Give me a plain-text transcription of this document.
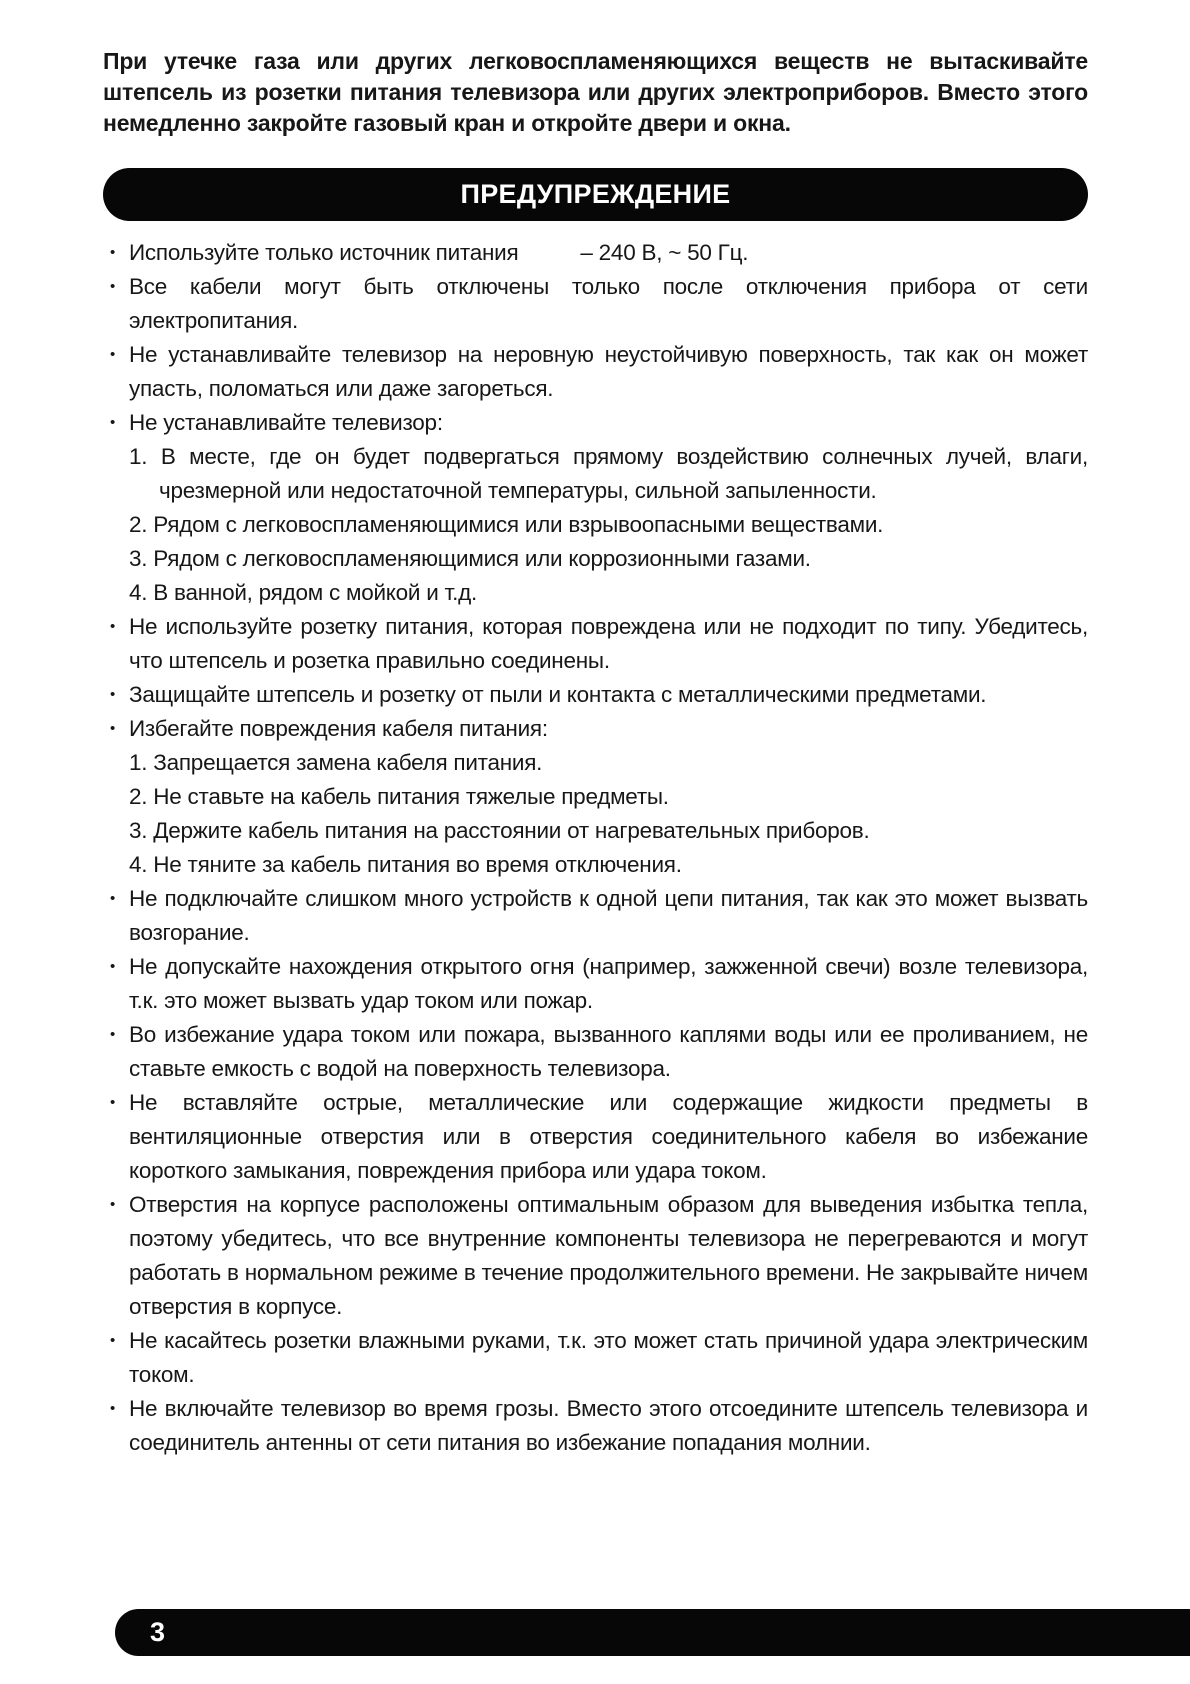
При утечке газа или других легковоспламеняющихся веществ не вытаскивайте штепсель из розетки питания телевизора или других электроприборов. Вместо этого немедленно закройте газовый кран и откройте двери и окна.

ПРЕДУПРЕЖДЕНИЕ
• Используйте только источник питания	– 240 В, ~ 50 Гц.
• Все кабели могут быть отключены только после отключения прибора от сети электропитания.
• Не устанавливайте телевизор на неровную неустойчивую поверхность, так как он может упасть, поломаться или даже загореться.
• Не устанавливайте телевизор:
1. В месте, где он будет подвергаться прямому воздействию солнечных лучей, влаги, чрезмерной или недостаточной температуры, сильной запыленности.
2. Рядом с легковоспламеняющимися или взрывоопасными веществами.
3. Рядом с легковоспламеняющимися или коррозионными газами.
4. В ванной, рядом с мойкой и т.д.
• Не используйте розетку питания, которая повреждена или не подходит по типу. Убедитесь, что штепсель и розетка правильно соединены.
• Защищайте штепсель и розетку от пыли и контакта с металлическими предметами.
• Избегайте повреждения кабеля питания:
1. Запрещается замена кабеля питания.
2. Не ставьте на кабель питания тяжелые предметы.
3. Держите кабель питания на расстоянии от нагревательных приборов.
4. Не тяните за кабель питания во время отключения.
• Не подключайте слишком много устройств к одной цепи питания, так как это может вызвать возгорание.
• Не допускайте нахождения открытого огня (например, зажженной свечи) возле телевизора, т.к. это может вызвать удар током или пожар.
• Во избежание удара током или пожара, вызванного каплями воды или ее проливанием, не ставьте емкость с водой на поверхность телевизора.
• Не вставляйте острые, металлические или содержащие жидкости предметы в вентиляционные отверстия или в отверстия соединительного кабеля во избежание короткого замыкания, повреждения прибора или удара током.
• Отверстия на корпусе расположены оптимальным образом для выведения избытка тепла, поэтому убедитесь, что все внутренние компоненты телевизора не перегреваются и могут работать в нормальном режиме в течение продолжительного времени. Не закрывайте ничем отверстия в корпусе.
• Не касайтесь розетки влажными руками, т.к. это может стать причиной удара электрическим током.
• Не включайте телевизор во время грозы. Вместо этого отсоедините штепсель телевизора и соединитель антенны от сети питания во избежание попадания молнии.
3
